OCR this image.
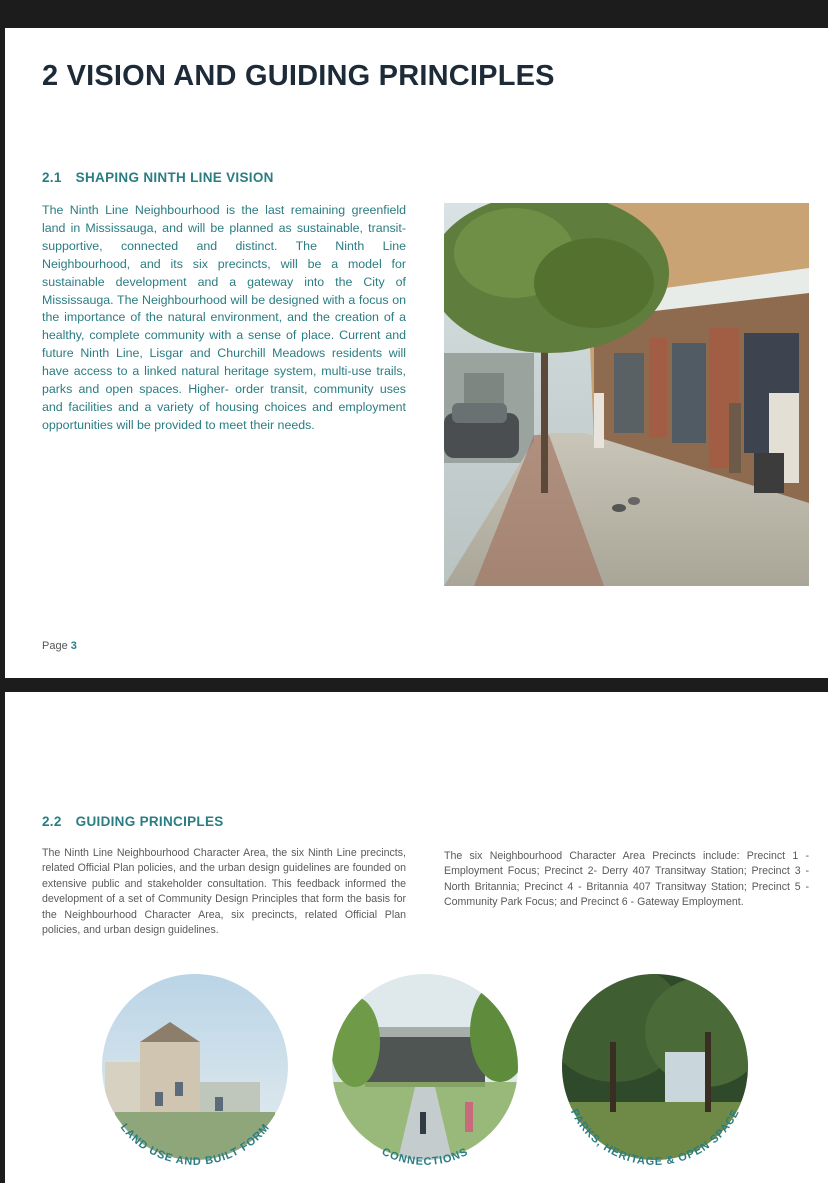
2 VISION AND GUIDING PRINCIPLES
2.1 SHAPING NINTH LINE VISION

The Ninth Line Neighbourhood is the last remaining greenfield land in Mississauga, and will be planned as sustainable, transit-supportive, connected and distinct. The Ninth Line Neighbourhood, and its six precincts, will be a model for sustainable development and a gateway into the City of Mississauga. The Neighbourhood will be designed with a focus on the importance of the natural environment, and the creation of a healthy, complete community with a sense of place. Current and future Ninth Line, Lisgar and Churchill Meadows residents will have access to a linked natural heritage system, multi-use trails, parks and open spaces. Higher- order transit, community uses and facilities and a variety of housing choices and employment opportunities will be provided to meet their needs.

Page 3
2.2 GUIDING PRINCIPLES

The Ninth Line Neighbourhood Character Area, the six Ninth Line precincts, related Official Plan policies, and the urban design guidelines are founded on extensive public and stakeholder consultation. This feedback informed the development of a set of Community Design Principles that form the basis for the Neighbourhood Character Area, six precincts, related Official Plan policies, and urban design guidelines.

The six Neighbourhood Character Area Precincts include: Precinct 1 - Employment Focus; Precinct 2- Derry 407 Transitway Station; Precinct 3 - North Britannia; Precinct 4 - Britannia 407 Transitway Station; Precinct 5 - Community Park Focus; and Precinct 6 - Gateway Employment.

LAND USE AND BUILT FORM
CONNECTIONS
PARKS, HERITAGE & OPEN SPACE
